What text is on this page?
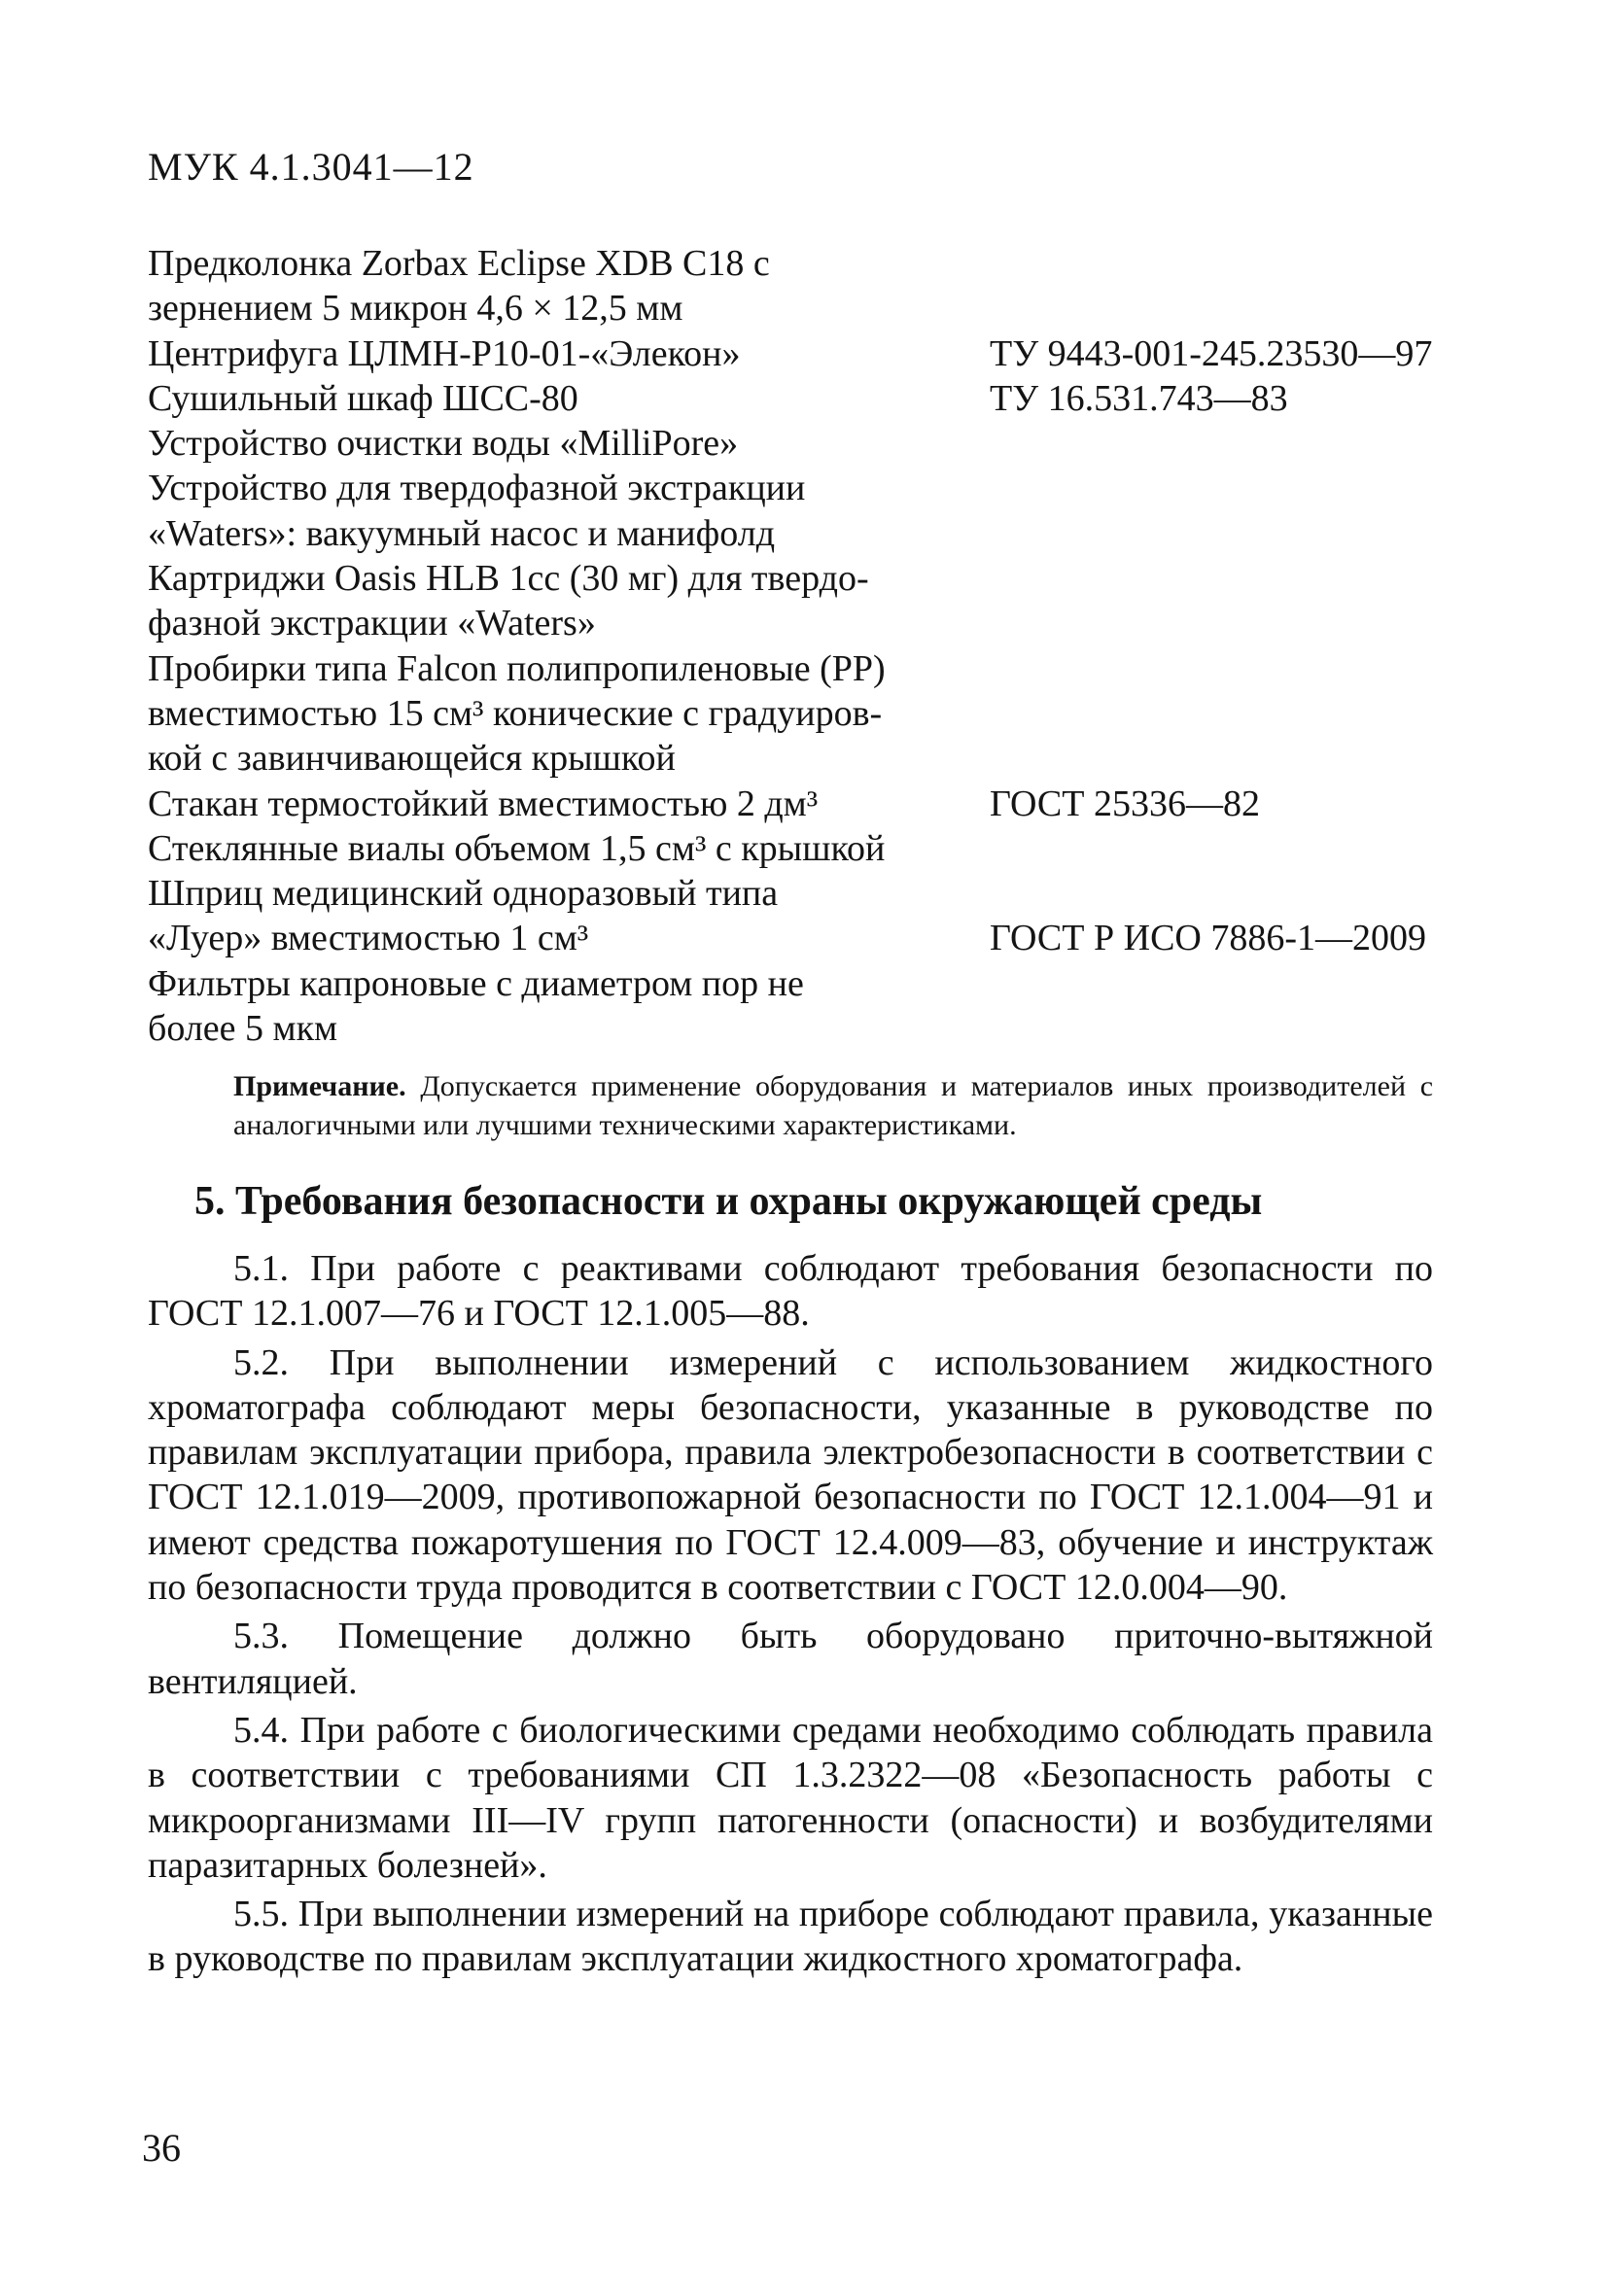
МУК 4.1.3041—12
Предколонка Zorbax Eclipse XDB C18 с
зернением 5 микрон 4,6 × 12,5 мм
Центрифуга ЦЛМН-Р10-01-«Элекон»	ТУ 9443-001-245.23530—97
Сушильный шкаф ШСС-80	ТУ 16.531.743—83
Устройство очистки воды «MilliPore»
Устройство для твердофазной экстракции
«Waters»: вакуумный насос и манифолд
Картриджи Oasis HLB 1cc (30 мг) для твердо-
фазной экстракции «Waters»
Пробирки типа Falcon полипропиленовые (PP)
вместимостью 15 см³ конические с градуиров-
кой с завинчивающейся крышкой
Стакан термостойкий вместимостью 2 дм³	ГОСТ 25336—82
Стеклянные виалы объемом 1,5 см³ с крышкой
Шприц медицинский одноразовый типа
«Луер» вместимостью 1 см³	ГОСТ Р ИСО 7886-1—2009
Фильтры капроновые с диаметром пор не
более 5 мкм
Примечание. Допускается применение оборудования и материалов иных производителей с аналогичными или лучшими техническими характеристиками.
5. Требования безопасности и охраны окружающей среды

5.1. При работе с реактивами соблюдают требования безопасности по ГОСТ 12.1.007—76 и ГОСТ 12.1.005—88.

5.2. При выполнении измерений с использованием жидкостного хроматографа соблюдают меры безопасности, указанные в руководстве по правилам эксплуатации прибора, правила электробезопасности в соответствии с ГОСТ 12.1.019—2009, противопожарной безопасности по ГОСТ 12.1.004—91 и имеют средства пожаротушения по ГОСТ 12.4.009—83, обучение и инструктаж по безопасности труда проводится в соответствии с ГОСТ 12.0.004—90.

5.3. Помещение должно быть оборудовано приточно-вытяжной вентиляцией.

5.4. При работе с биологическими средами необходимо соблюдать правила в соответствии с требованиями СП 1.3.2322—08 «Безопасность работы с микроорганизмами III—IV групп патогенности (опасности) и возбудителями паразитарных болезней».

5.5. При выполнении измерений на приборе соблюдают правила, указанные в руководстве по правилам эксплуатации жидкостного хроматографа.

36
